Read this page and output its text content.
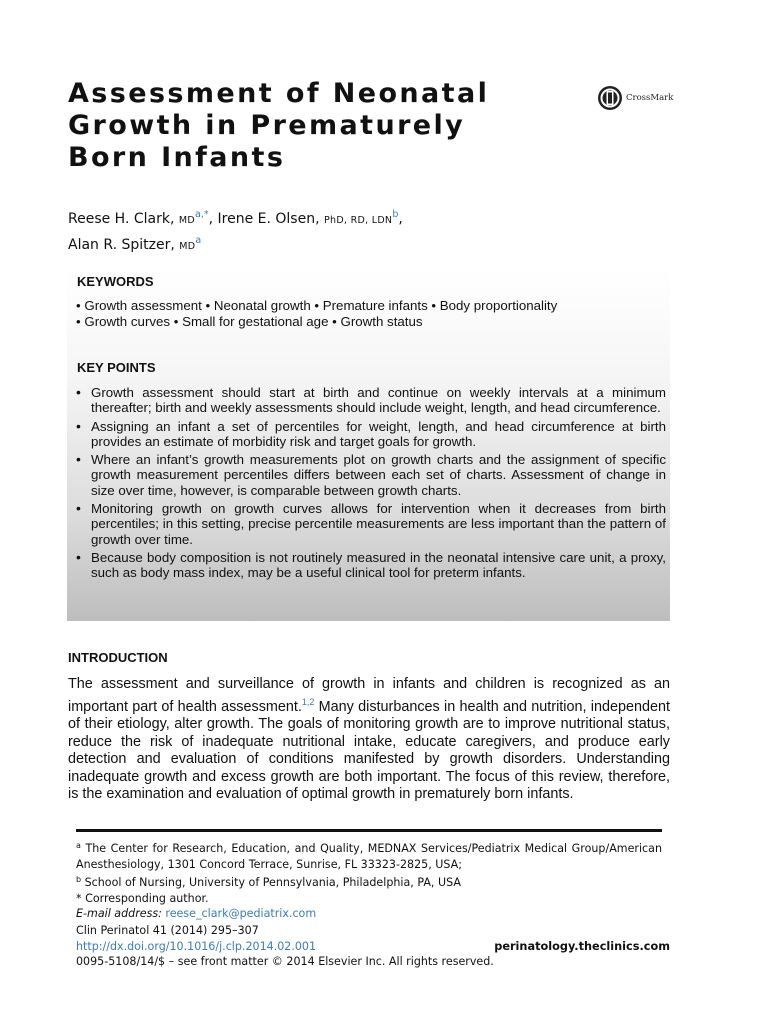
Assessment of Neonatal
Growth in Prematurely
Born Infants
CrossMark
Reese H. Clark, MD$^{a,*}$, Irene E. Olsen, PhD, RD, LDN$^b$,
Alan R. Spitzer, MD$^a$
KEYWORDS
• Growth assessment • Neonatal growth • Premature infants • Body proportionality
• Growth curves • Small for gestational age • Growth status
KEY POINTS
• Growth assessment should start at birth and continue on weekly intervals at a minimum thereafter; birth and weekly assessments should include weight, length, and head circumference.
• Assigning an infant a set of percentiles for weight, length, and head circumference at birth provides an estimate of morbidity risk and target goals for growth.
• Where an infant’s growth measurements plot on growth charts and the assignment of specific growth measurement percentiles differs between each set of charts. Assessment of change in size over time, however, is comparable between growth charts.
• Monitoring growth on growth curves allows for intervention when it decreases from birth percentiles; in this setting, precise percentile measurements are less important than the pattern of growth over time.
• Because body composition is not routinely measured in the neonatal intensive care unit, a proxy, such as body mass index, may be a useful clinical tool for preterm infants.
INTRODUCTION

The assessment and surveillance of growth in infants and children is recognized as an important part of health assessment.$^{1,2}$ Many disturbances in health and nutrition, independent of their etiology, alter growth. The goals of monitoring growth are to improve nutritional status, reduce the risk of inadequate nutritional intake, educate caregivers, and produce early detection and evaluation of conditions manifested by growth disorders. Understanding inadequate growth and excess growth are both important. The focus of this review, therefore, is the examination and evaluation of optimal growth in prematurely born infants.

$^a$ The Center for Research, Education, and Quality, MEDNAX Services/Pediatrix Medical Group/American Anesthesiology, 1301 Concord Terrace, Sunrise, FL 33323-2825, USA;
$^b$ School of Nursing, University of Pennsylvania, Philadelphia, PA, USA
* Corresponding author.
E-mail address: reese_clark@pediatrix.com
Clin Perinatol 41 (2014) 295–307
http://dx.doi.org/10.1016/j.clp.2014.02.001	perinatology.theclinics.com
0095-5108/14/$ – see front matter © 2014 Elsevier Inc. All rights reserved.
